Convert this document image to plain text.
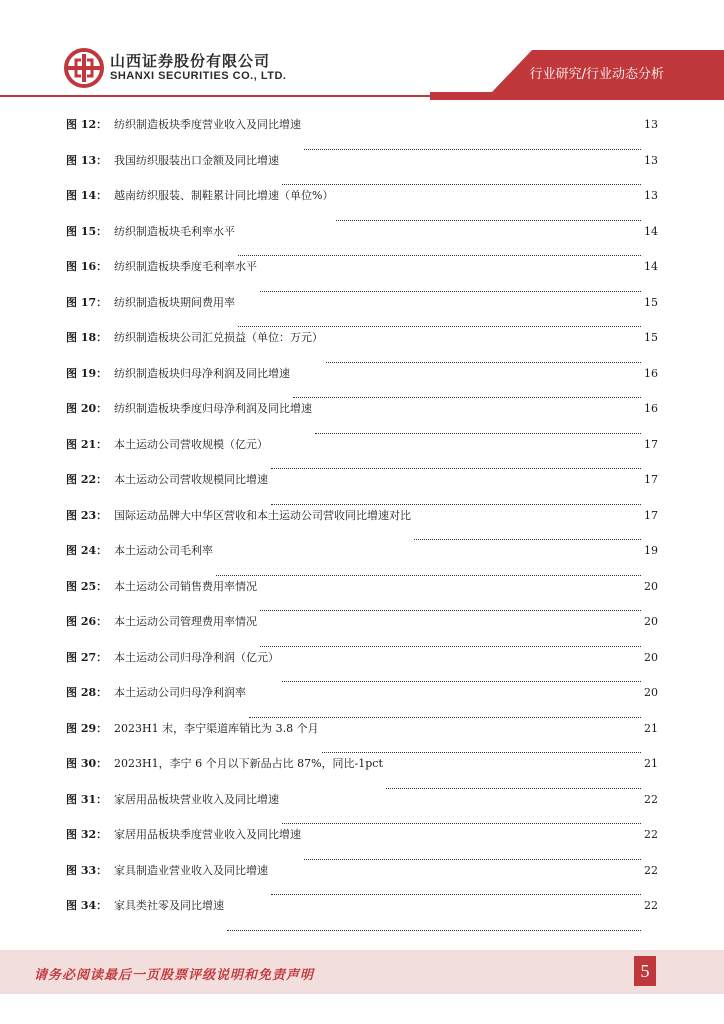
山西证券股份有限公司
SHANXI SECURITIES CO., LTD.	行业研究/行业动态分析
图 12： 纺织制造板块季度营业收入及同比增速	13
图 13： 我国纺织服装出口金额及同比增速	13
图 14： 越南纺织服装、制鞋累计同比增速（单位%）	13
图 15： 纺织制造板块毛利率水平	14
图 16： 纺织制造板块季度毛利率水平	14
图 17： 纺织制造板块期间费用率	15
图 18： 纺织制造板块公司汇兑损益（单位：万元）	15
图 19： 纺织制造板块归母净利润及同比增速	16
图 20： 纺织制造板块季度归母净利润及同比增速	16
图 21： 本土运动公司营收规模（亿元）	17
图 22： 本土运动公司营收规模同比增速	17
图 23： 国际运动品牌大中华区营收和本土运动公司营收同比增速对比	17
图 24： 本土运动公司毛利率	19
图 25： 本土运动公司销售费用率情况	20
图 26： 本土运动公司管理费用率情况	20
图 27： 本土运动公司归母净利润（亿元）	20
图 28： 本土运动公司归母净利润率	20
图 29： 2023H1 末，李宁渠道库销比为 3.8 个月	21
图 30： 2023H1，李宁 6 个月以下新品占比 87%，同比-1pct	21
图 31： 家居用品板块营业收入及同比增速	22
图 32： 家居用品板块季度营业收入及同比增速	22
图 33： 家具制造业营业收入及同比增速	22
图 34： 家具类社零及同比增速	22
请务必阅读最后一页股票评级说明和免责声明	5
